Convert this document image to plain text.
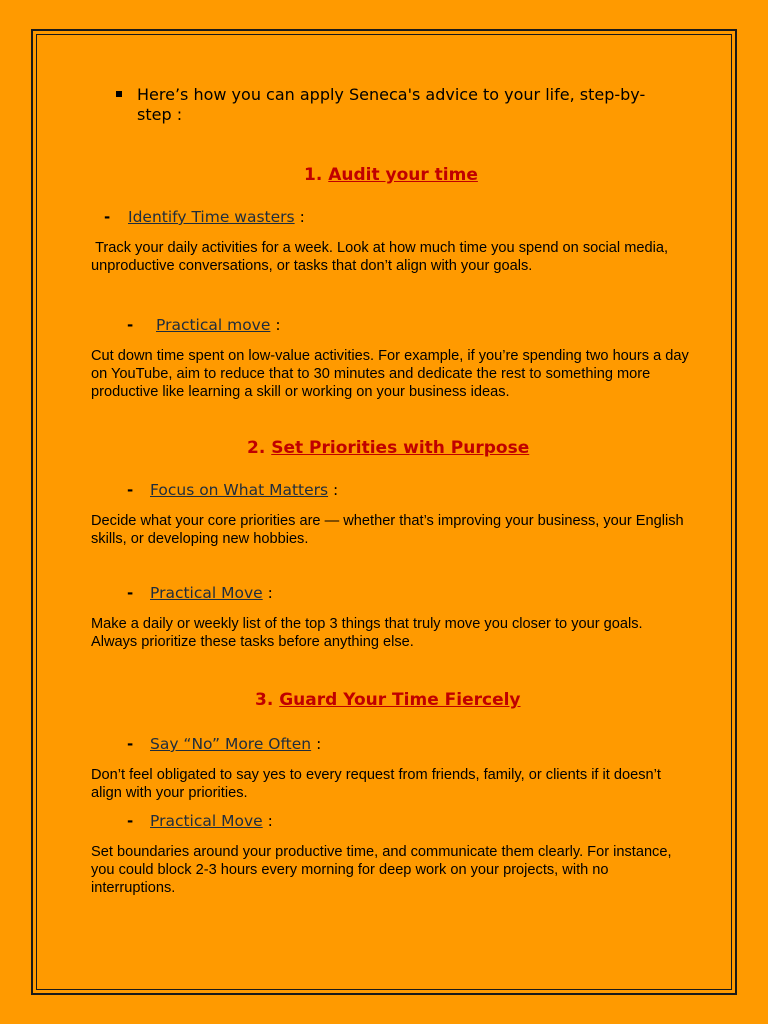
Here’s how you can apply Seneca's advice to your life, step-by-step :
1. Audit your time
- Identify Time wasters :
Track your daily activities for a week. Look at how much time you spend on social media, unproductive conversations, or tasks that don’t align with your goals.
- Practical move :
Cut down time spent on low-value activities. For example, if you’re spending two hours a day on YouTube, aim to reduce that to 30 minutes and dedicate the rest to something more productive like learning a skill or working on your business ideas.
2. Set Priorities with Purpose
- Focus on What Matters :
Decide what your core priorities are — whether that’s improving your business, your English skills, or developing new hobbies.
- Practical Move :
Make a daily or weekly list of the top 3 things that truly move you closer to your goals. Always prioritize these tasks before anything else.
3. Guard Your Time Fiercely
- Say “No” More Often :
Don’t feel obligated to say yes to every request from friends, family, or clients if it doesn’t align with your priorities.
- Practical Move :
Set boundaries around your productive time, and communicate them clearly. For instance, you could block 2-3 hours every morning for deep work on your projects, with no interruptions.
